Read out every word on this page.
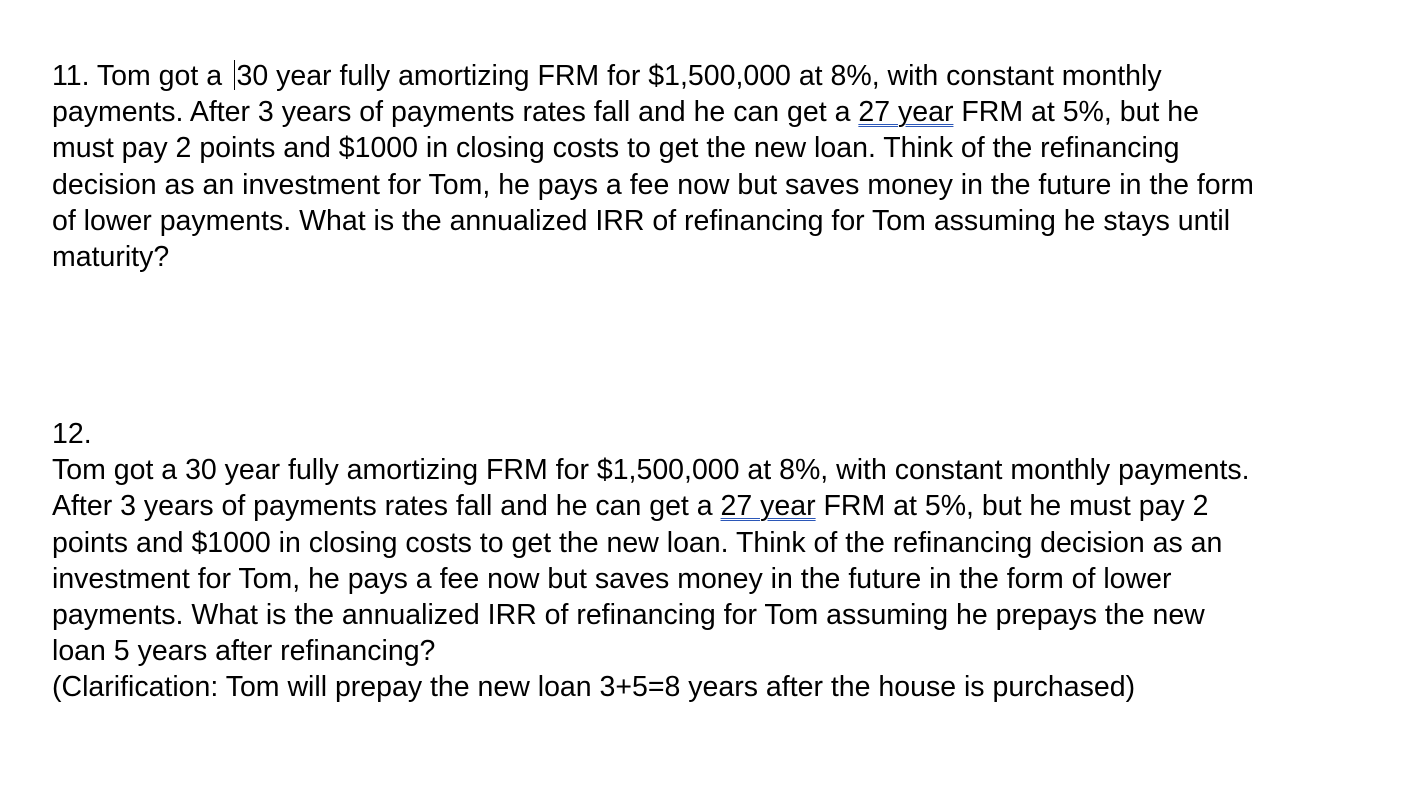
11. Tom got a 30 year fully amortizing FRM for $1,500,000 at 8%, with constant monthly
payments. After 3 years of payments rates fall and he can get a 27 year FRM at 5%, but he
must pay 2 points and $1000 in closing costs to get the new loan. Think of the refinancing
decision as an investment for Tom, he pays a fee now but saves money in the future in the form
of lower payments. What is the annualized IRR of refinancing for Tom assuming he stays until
maturity?
12.
Tom got a 30 year fully amortizing FRM for $1,500,000 at 8%, with constant monthly payments.
After 3 years of payments rates fall and he can get a 27 year FRM at 5%, but he must pay 2
points and $1000 in closing costs to get the new loan. Think of the refinancing decision as an
investment for Tom, he pays a fee now but saves money in the future in the form of lower
payments. What is the annualized IRR of refinancing for Tom assuming he prepays the new
loan 5 years after refinancing?
(Clarification: Tom will prepay the new loan 3+5=8 years after the house is purchased)
